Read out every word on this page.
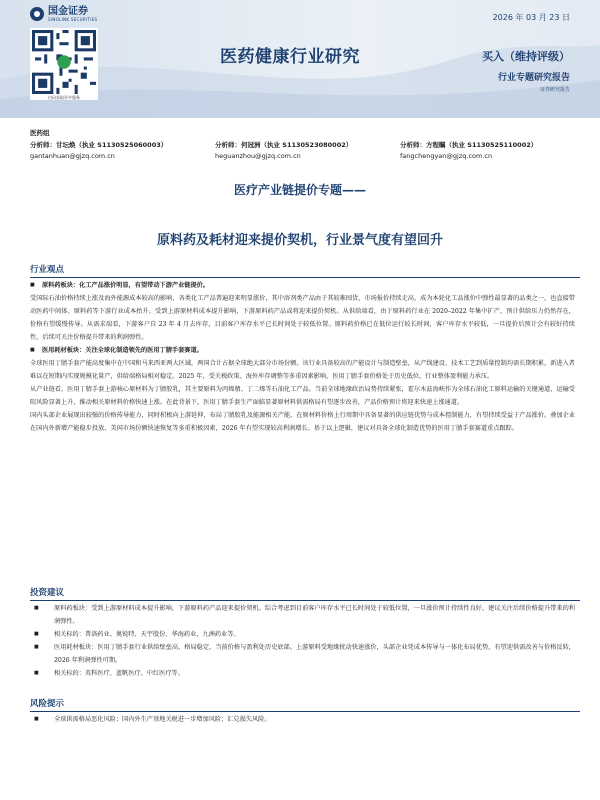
国金证券
SINOLINK SECURITIES
扫码获取更多服务
2026 年 03 月 23 日
医药健康行业研究	买入（维持评级）
行业专题研究报告
证券研究报告
医药组
分析师：甘坛焕（执业 S1130525060003）
gantanhuan@gjzq.com.cn
分析师：何冠洲（执业 S1130523080002）
heguanzhou@gjzq.com.cn
分析师：方程瞩（执业 S1130525110002）
fangchengyan@gjzq.com.cn
医疗产业链提价专题——
原料药及耗材迎来提价契机，行业景气度有望回升
行业观点

■ 原料药板块：化工产品涨价明显，有望带动下游产业链提价。

受国际石油价格持续上涨及海外能源成本较高的影响，各类化工产品普遍迎来明显涨价，其中溶剂类产品由于其较难囤货，市场报价持续走高，成为本轮化工品涨价中弹性最显著的品类之一，也直接带动医药中间体、原料药等下游行业成本抬升。受到上游原材料成本提升影响，下游原料药产品或将迎来提价契机。从供给端看，由于原料药行业在 2020–2022 年集中扩产，预计供给压力仍然存在，价格有望缓慢传导。从需求端看，下游客户自 23 年 4 月去库存，目前客户库存水平已长时间处于较低位置。原料药价格已在低位运行较长时间，客户库存水平较低，一旦提价后预计会有较好持续性，后续可关注价格提升带来的利润弹性。

■ 医用耗材板块：关注全球化制造领先的医用丁腈手套赛道。

全球医用丁腈手套产能高度集中在中国和马来西亚两大区域，两国合计占据全球绝大部分市场份额。该行业具备较高的产能设计与制造壁垒，从产线建设、技术工艺到质量控制均需长期积累，新进入者难以在短期内实现规模化量产，供给端格局相对稳定。2025 年，受关税政策、海外库存调整等多重因素影响，医用丁腈手套价格处于历史低位，行业整体盈利能力承压。

从产业链看，医用丁腈手套上游核心原材料为丁腈胶乳，其主要原料为丙烯腈、丁二烯等石油化工产品。当前全球地缘政治局势持续紧张，霍尔木兹海峡作为全球石油化工原料运输的关键通道，运输受阻风险显著上升，推动相关原材料价格快速上涨。在此背景下，医用丁腈手套生产面临显著原材料供需格局有望逐步改善，产品价格预计将迎来快速上涨通道。

国内头部企业展现出较强的价格传导能力，同时积极向上游延伸，布局丁腈胶乳及能源相关产能，在原材料价格上行周期中具备显著的供应链优势与成本控制能力，有望持续受益于产品涨价。叠加企业在国内外新增产能稳步投放、美国市场份额快速恢复等多重积极因素，2026 年有望实现较高利润增长。基于以上逻辑，建议对具备全球化制造优势的医用丁腈手套赛道重点跟踪。

投资建议

■ 原料药板块：受到上游原材料成本提升影响，下游原料药产品迎来提价契机。综合考虑到目前客户库存水平已长时间处于较低位置，一旦涨价预计持续性良好，建议关注后续价格提升带来的利润弹性。

■ 相关标的：普洛药业、奥锐特、天宇股份、华海药业、九洲药业等。

■ 医用耗材板块：医用丁腈手套行业供给壁垒高、格局稳定，当前价格与盈利处历史底部。上游原料受地缘扰动快速涨价，头部企业凭成本传导与一体化布局优势，有望迎供需改善与价格反转，2026 年利润弹性可期。

■ 相关标的：英科医疗、蓝帆医疗、中红医疗等。

风险提示

■ 全球供需格局恶化风险；国内外生产基地关税进一步增加风险；汇兑损失风险。
